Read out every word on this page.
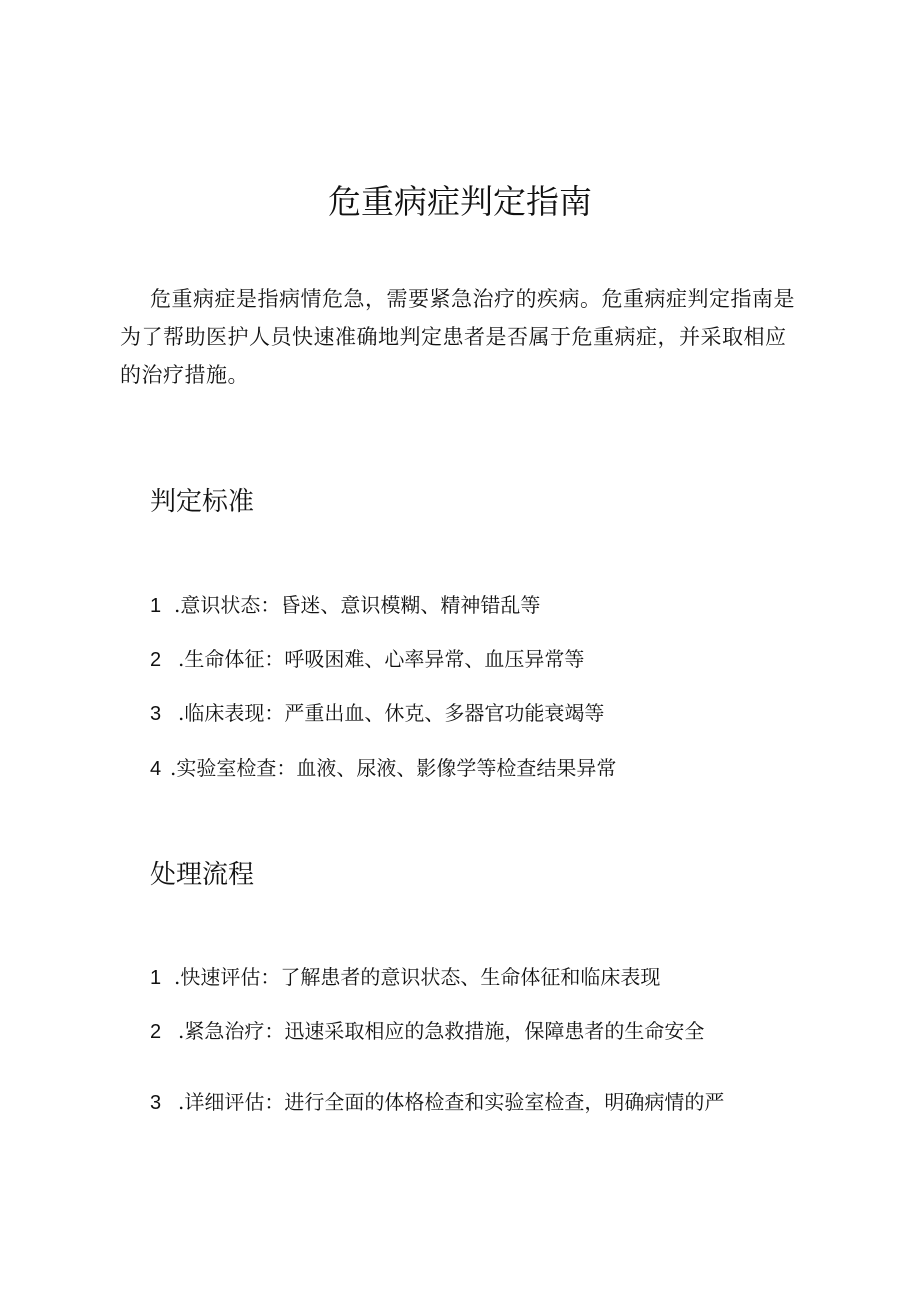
危重病症判定指南

危重病症是指病情危急，需要紧急治疗的疾病。危重病症判定指南是为了帮助医护人员快速准确地判定患者是否属于危重病症，并采取相应的治疗措施。

判定标准
1 .意识状态：昏迷、意识模糊、精神错乱等
2 .生命体征：呼吸困难、心率异常、血压异常等
3 .临床表现：严重出血、休克、多器官功能衰竭等
4 .实验室检查：血液、尿液、影像学等检查结果异常
处理流程
1 .快速评估：了解患者的意识状态、生命体征和临床表现
2 .紧急治疗：迅速采取相应的急救措施，保障患者的生命安全
3 .详细评估：进行全面的体格检查和实验室检查，明确病情的严
